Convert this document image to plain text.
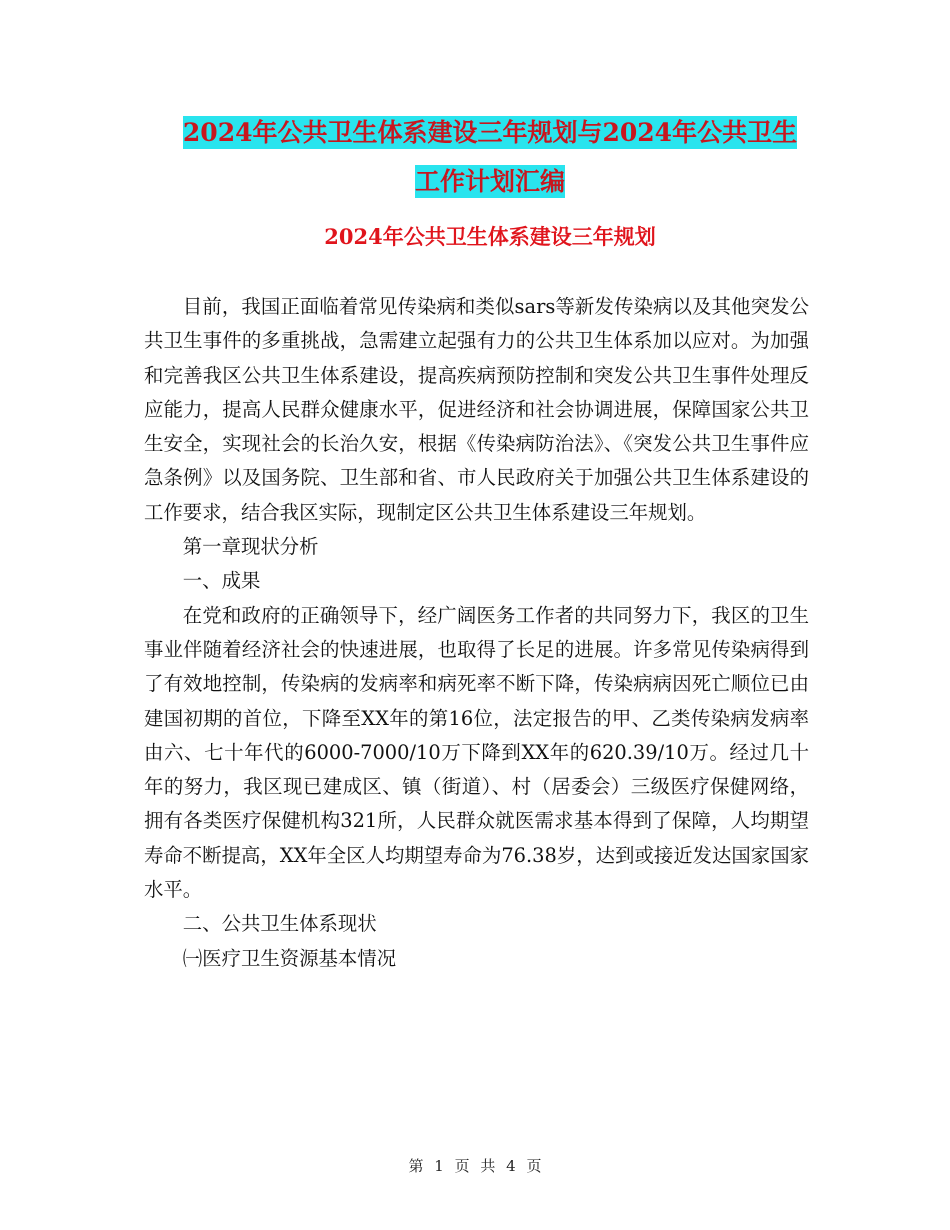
2024年公共卫生体系建设三年规划与2024年公共卫生
工作计划汇编
2024年公共卫生体系建设三年规划

目前，我国正面临着常见传染病和类似sars等新发传染病以及其他突发公共卫生事件的多重挑战，急需建立起强有力的公共卫生体系加以应对。为加强和完善我区公共卫生体系建设，提高疾病预防控制和突发公共卫生事件处理反应能力，提高人民群众健康水平，促进经济和社会协调进展，保障国家公共卫生安全，实现社会的长治久安，根据《传染病防治法》、《突发公共卫生事件应急条例》以及国务院、卫生部和省、市人民政府关于加强公共卫生体系建设的工作要求，结合我区实际，现制定区公共卫生体系建设三年规划。

第一章现状分析

一、成果

在党和政府的正确领导下，经广阔医务工作者的共同努力下，我区的卫生事业伴随着经济社会的快速进展，也取得了长足的进展。许多常见传染病得到了有效地控制，传染病的发病率和病死率不断下降，传染病病因死亡顺位已由建国初期的首位，下降至XX年的第16位，法定报告的甲、乙类传染病发病率由六、七十年代的6000-7000/10万下降到XX年的620.39/10万。经过几十年的努力，我区现已建成区、镇（街道）、村（居委会）三级医疗保健网络，拥有各类医疗保健机构321所，人民群众就医需求基本得到了保障，人均期望寿命不断提高，XX年全区人均期望寿命为76.38岁，达到或接近发达国家国家水平。

二、公共卫生体系现状

㈠医疗卫生资源基本情况

第 1 页 共 4 页
